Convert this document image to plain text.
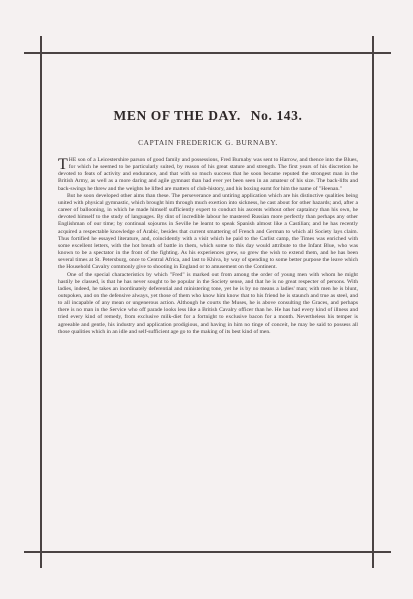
MEN OF THE DAY. No. 143.
CAPTAIN FREDERICK G. BURNABY.

THE son of a Leicestershire parson of good family and possessions, Fred Burnaby was sent to Harrow, and thence into the Blues, for which he seemed to be particularly suited, by reason of his great stature and strength. The first years of his discretion he devoted to feats of activity and endurance, and that with so much success that he soon became reputed the strongest man in the British Army, as well as a more daring and agile gymnast than had ever yet been seen in an amateur of his size. The back-lifts and back-swings he threw and the weights he lifted are matters of club-history, and his boxing earnt for him the name of "Heenan."

But he soon developed other aims than these. The perseverance and untiring application which are his distinctive qualities being united with physical gymnastic, which brought him through much exertion into sickness, he cast about for other hazards; and, after a career of ballooning, in which he made himself sufficiently expert to conduct his ascents without other captaincy than his own, he devoted himself to the study of languages. By dint of incredible labour he mastered Russian more perfectly than perhaps any other Englishman of our time; by continual sojourns in Seville he learnt to speak Spanish almost like a Castilian; and he has recently acquired a respectable knowledge of Arabic, besides that current smattering of French and German to which all Society lays claim. Thus fortified he essayed literature, and, coincidently with a visit which he paid to the Carlist camp, the Times was enriched with some excellent letters, with the hot breath of battle in them, which some to this day would attribute to the Infant Blue, who was known to be a spectator in the front of the fighting. As his experiences grew, so grew the wish to extend them, and he has been several times at St. Petersburg, once to Central Africa, and last to Khiva, by way of spending to some better purpose the leave which the Household Cavalry commonly give to shooting in England or to amusement on the Continent.

One of the special characteristics by which "Fred" is marked out from among the order of young men with whom he might hastily be classed, is that he has never sought to be popular in the Society sense, and that he is no great respecter of persons. With ladies, indeed, he takes an inordinately deferential and ministering tone, yet he is by no means a ladies' man; with men he is blunt, outspoken, and on the defensive always, yet those of them who know him know that to his friend he is staunch and true as steel, and to all incapable of any mean or ungenerous action. Although he courts the Muses, he is above consulting the Graces, and perhaps there is no man in the Service who off parade looks less like a British Cavalry officer than he. He has had every kind of illness and tried every kind of remedy, from exclusive milk-diet for a fortnight to exclusive bacon for a month. Nevertheless his temper is agreeable and gentle, his industry and application prodigious, and having in him no tinge of conceit, he may be said to possess all those qualities which in an idle and self-sufficient age go to the making of its best kind of men.
